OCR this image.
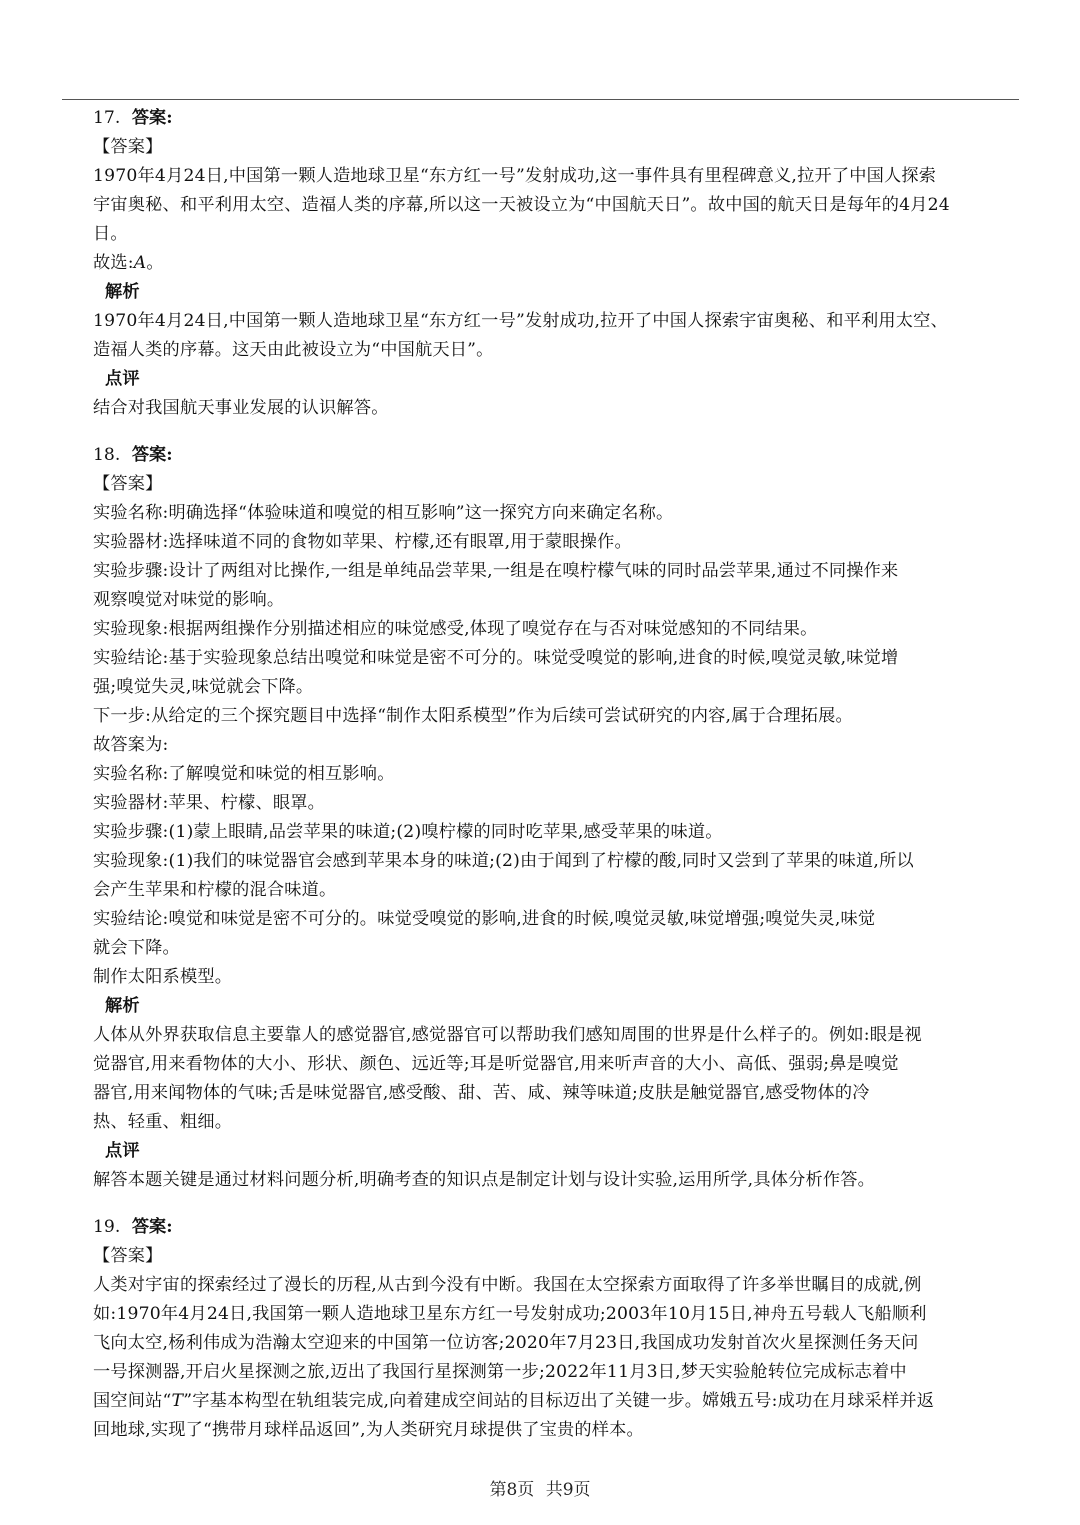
17. 答案:
【答案】
1970年4月24日,中国第一颗人造地球卫星“东方红一号”发射成功,这一事件具有里程碑意义,拉开了中国人探索
宇宙奥秘、和平利用太空、造福人类的序幕,所以这一天被设立为“中国航天日”。故中国的航天日是每年的4月24
日。
故选:A。
解析
1970年4月24日,中国第一颗人造地球卫星“东方红一号”发射成功,拉开了中国人探索宇宙奥秘、和平利用太空、
造福人类的序幕。这天由此被设立为“中国航天日”。
点评
结合对我国航天事业发展的认识解答。
18. 答案:
【答案】
实验名称:明确选择“体验味道和嗅觉的相互影响”这一探究方向来确定名称。
实验器材:选择味道不同的食物如苹果、柠檬,还有眼罩,用于蒙眼操作。
实验步骤:设计了两组对比操作,一组是单纯品尝苹果,一组是在嗅柠檬气味的同时品尝苹果,通过不同操作来
观察嗅觉对味觉的影响。
实验现象:根据两组操作分别描述相应的味觉感受,体现了嗅觉存在与否对味觉感知的不同结果。
实验结论:基于实验现象总结出嗅觉和味觉是密不可分的。味觉受嗅觉的影响,进食的时候,嗅觉灵敏,味觉增
强;嗅觉失灵,味觉就会下降。
下一步:从给定的三个探究题目中选择“制作太阳系模型”作为后续可尝试研究的内容,属于合理拓展。
故答案为:
实验名称:了解嗅觉和味觉的相互影响。
实验器材:苹果、柠檬、眼罩。
实验步骤:(1)蒙上眼睛,品尝苹果的味道;(2)嗅柠檬的同时吃苹果,感受苹果的味道。
实验现象:(1)我们的味觉器官会感到苹果本身的味道;(2)由于闻到了柠檬的酸,同时又尝到了苹果的味道,所以
会产生苹果和柠檬的混合味道。
实验结论:嗅觉和味觉是密不可分的。味觉受嗅觉的影响,进食的时候,嗅觉灵敏,味觉增强;嗅觉失灵,味觉
就会下降。
制作太阳系模型。
解析
人体从外界获取信息主要靠人的感觉器官,感觉器官可以帮助我们感知周围的世界是什么样子的。例如:眼是视
觉器官,用来看物体的大小、形状、颜色、远近等;耳是听觉器官,用来听声音的大小、高低、强弱;鼻是嗅觉
器官,用来闻物体的气味;舌是味觉器官,感受酸、甜、苦、咸、辣等味道;皮肤是触觉器官,感受物体的冷
热、轻重、粗细。
点评
解答本题关键是通过材料问题分析,明确考查的知识点是制定计划与设计实验,运用所学,具体分析作答。
19. 答案:
【答案】
人类对宇宙的探索经过了漫长的历程,从古到今没有中断。我国在太空探索方面取得了许多举世瞩目的成就,例
如:1970年4月24日,我国第一颗人造地球卫星东方红一号发射成功;2003年10月15日,神舟五号载人飞船顺利
飞向太空,杨利伟成为浩瀚太空迎来的中国第一位访客;2020年7月23日,我国成功发射首次火星探测任务天问
一号探测器,开启火星探测之旅,迈出了我国行星探测第一步;2022年11月3日,梦天实验舱转位完成标志着中
国空间站“T”字基本构型在轨组装完成,向着建成空间站的目标迈出了关键一步。嫦娥五号:成功在月球采样并返
回地球,实现了“携带月球样品返回”,为人类研究月球提供了宝贵的样本。
第8页 共9页
